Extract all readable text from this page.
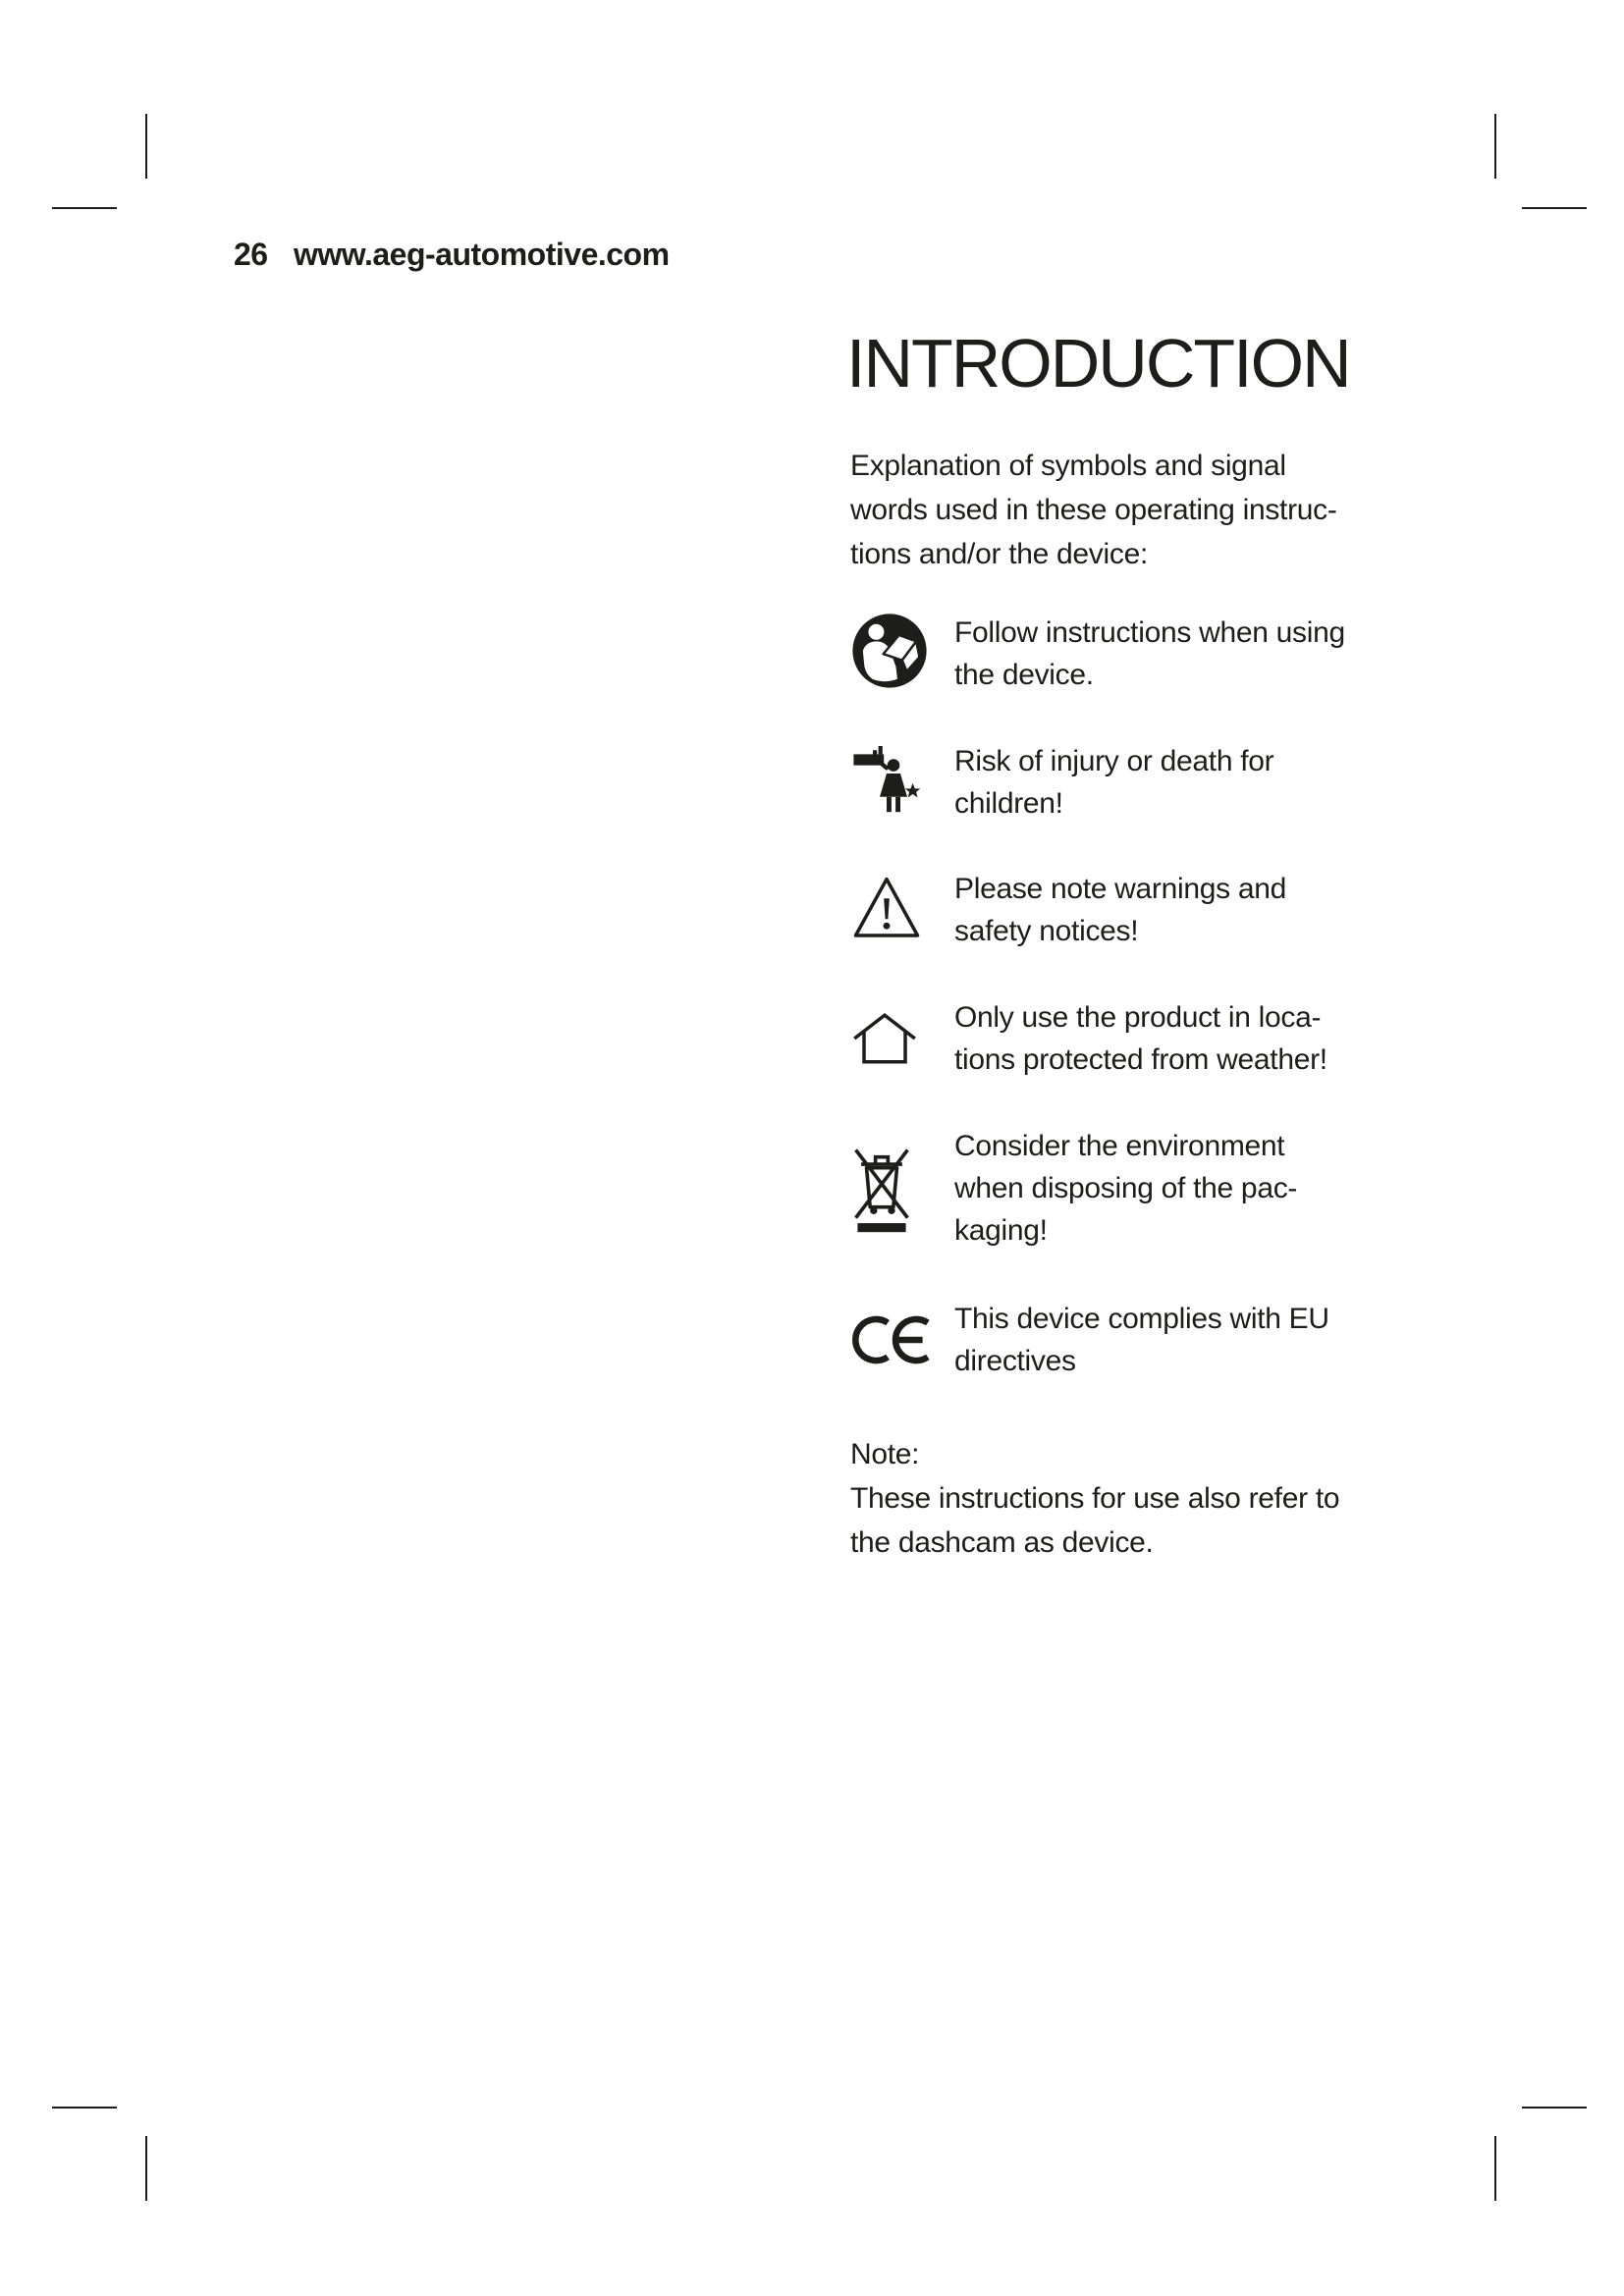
26 www.aeg-automotive.com
INTRODUCTION
Explanation of symbols and signal
words used in these operating instruc-
tions and/or the device:
Follow instructions when using
the device.
Risk of injury or death for
children!
Please note warnings and
safety notices!
Only use the product in loca-
tions protected from weather!
Consider the environment
when disposing of the pac-
kaging!
This device complies with EU
directives
Note:
These instructions for use also refer to
the dashcam as device.
